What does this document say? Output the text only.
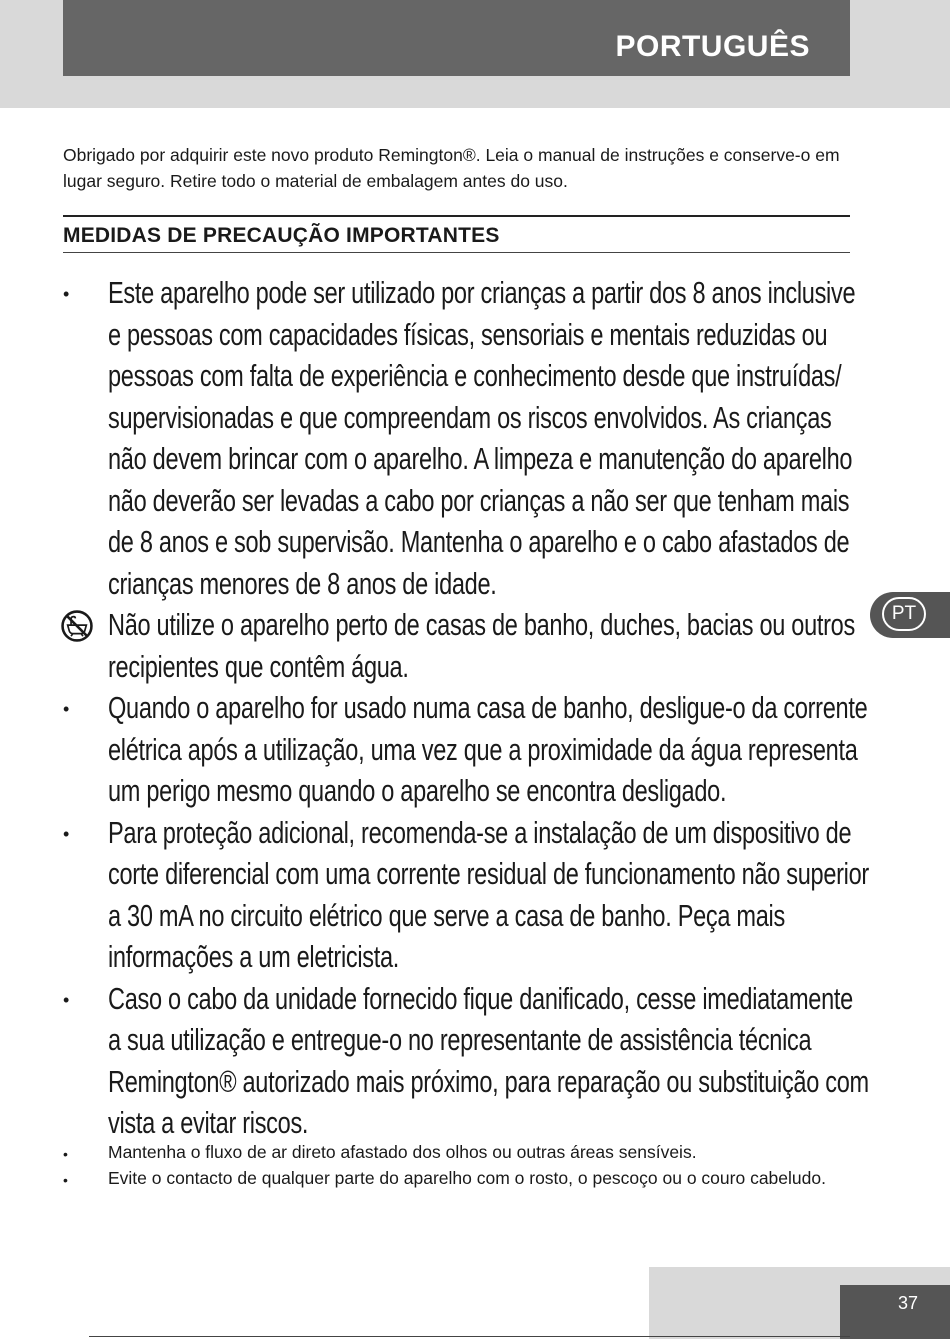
PORTUGUÊS

Obrigado por adquirir este novo produto Remington®. Leia o manual de instruções e conserve-o em lugar seguro. Retire todo o material de embalagem antes do uso.

MEDIDAS DE PRECAUÇÃO IMPORTANTES
• Este aparelho pode ser utilizado por crianças a partir dos 8 anos inclusive e pessoas com capacidades físicas, sensoriais e mentais reduzidas ou pessoas com falta de experiência e conhecimento desde que instruídas/ supervisionadas e que compreendam os riscos envolvidos. As crianças não devem brincar com o aparelho. A limpeza e manutenção do aparelho não deverão ser levadas a cabo por crianças a não ser que tenham mais de 8 anos e sob supervisão. Mantenha o aparelho e o cabo afastados de crianças menores de 8 anos de idade.
Não utilize o aparelho perto de casas de banho, duches, bacias ou outros recipientes que contêm água.
• Quando o aparelho for usado numa casa de banho, desligue-o da corrente elétrica após a utilização, uma vez que a proximidade da água representa um perigo mesmo quando o aparelho se encontra desligado.
• Para proteção adicional, recomenda-se a instalação de um dispositivo de corte diferencial com uma corrente residual de funcionamento não superior a 30 mA no circuito elétrico que serve a casa de banho. Peça mais informações a um eletricista.
• Caso o cabo da unidade fornecido fique danificado, cesse imediatamente a sua utilização e entregue-o no representante de assistência técnica Remington® autorizado mais próximo, para reparação ou substituição com vista a evitar riscos.
• Mantenha o fluxo de ar direto afastado dos olhos ou outras áreas sensíveis.
• Evite o contacto de qualquer parte do aparelho com o rosto, o pescoço ou o couro cabeludo.
PT
37
